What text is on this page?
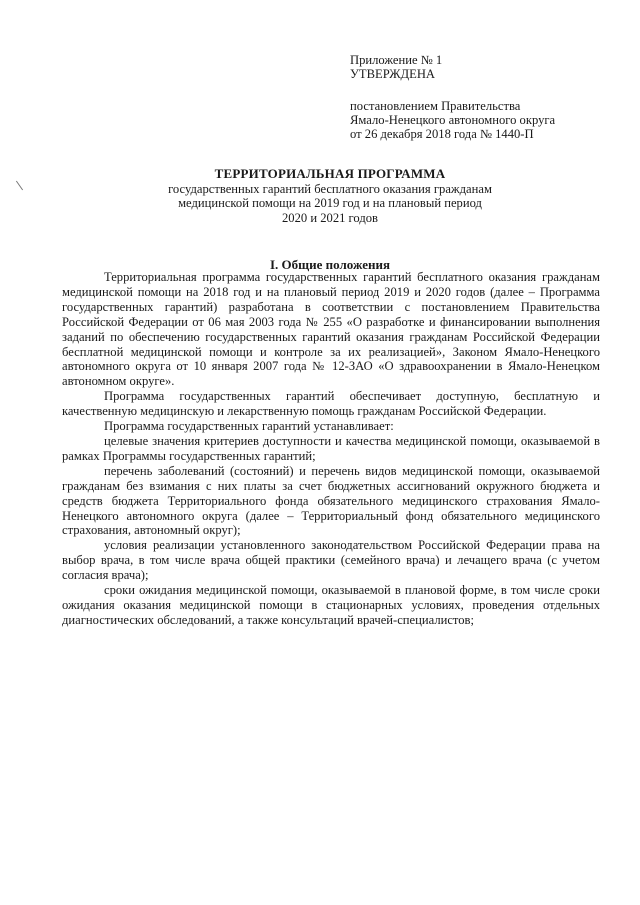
Приложение № 1
УТВЕРЖДЕНА
постановлением Правительства
Ямало-Ненецкого автономного округа
от 26 декабря 2018 года № 1440-П
ТЕРРИТОРИАЛЬНАЯ ПРОГРАММА
государственных гарантий бесплатного оказания гражданам
медицинской помощи на 2019 год и на плановый период
2020 и 2021 годов
I. Общие положения

Территориальная программа государственных гарантий бесплатного оказания гражданам медицинской помощи на 2018 год и на плановый период 2019 и 2020 годов (далее – Программа государственных гарантий) разработана в соответствии с постановлением Правительства Российской Федерации от 06 мая 2003 года № 255 «О разработке и финансировании выполнения заданий по обеспечению государственных гарантий оказания гражданам Российской Федерации бесплатной медицинской помощи и контроле за их реализацией», Законом Ямало-Ненецкого автономного округа от 10 января 2007 года № 12-ЗАО «О здравоохранении в Ямало-Ненецком автономном округе».

Программа государственных гарантий обеспечивает доступную, бесплатную и качественную медицинскую и лекарственную помощь гражданам Российской Федерации.

Программа государственных гарантий устанавливает:

целевые значения критериев доступности и качества медицинской помощи, оказываемой в рамках Программы государственных гарантий;

перечень заболеваний (состояний) и перечень видов медицинской помощи, оказываемой гражданам без взимания с них платы за счет бюджетных ассигнований окружного бюджета и средств бюджета Территориального фонда обязательного медицинского страхования Ямало-Ненецкого автономного округа (далее – Территориальный фонд обязательного медицинского страхования, автономный округ);

условия реализации установленного законодательством Российской Федерации права на выбор врача, в том числе врача общей практики (семейного врача) и лечащего врача (с учетом согласия врача);

сроки ожидания медицинской помощи, оказываемой в плановой форме, в том числе сроки ожидания оказания медицинской помощи в стационарных условиях, проведения отдельных диагностических обследований, а также консультаций врачей-специалистов;
